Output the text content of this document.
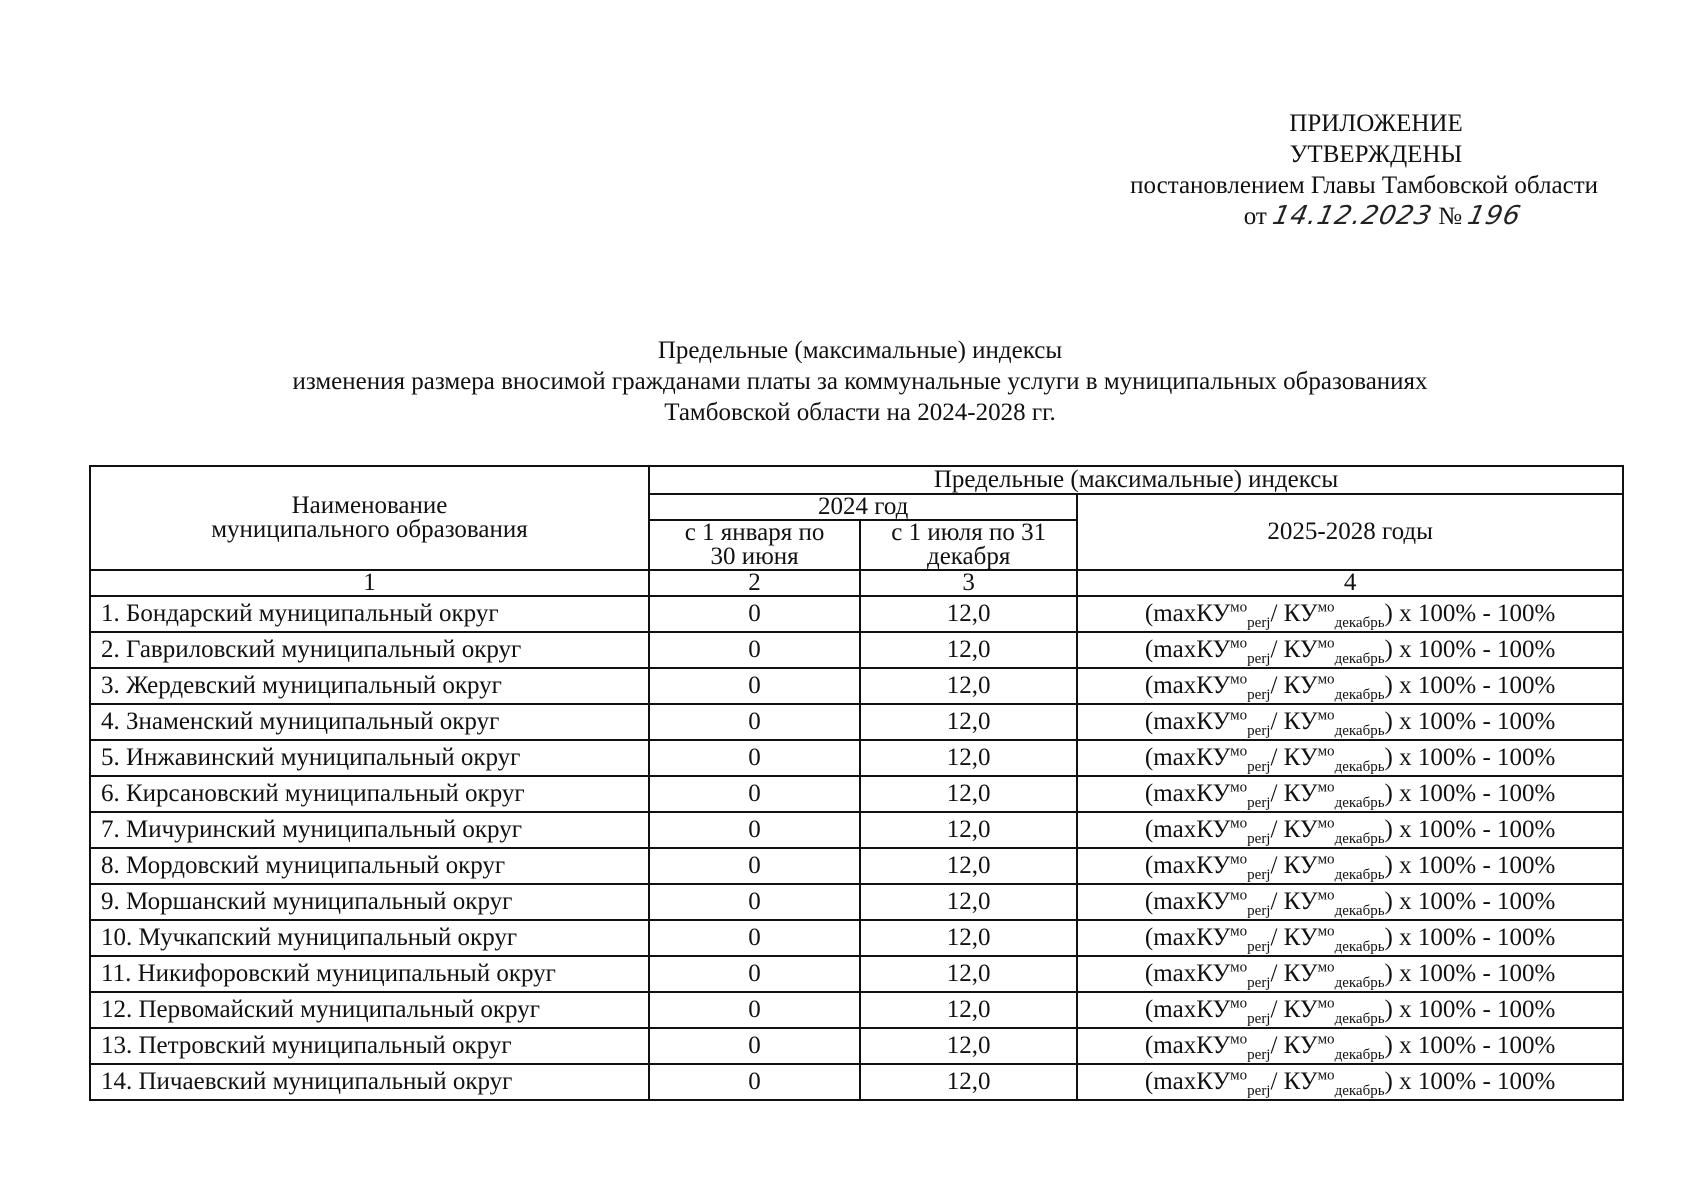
ПРИЛОЖЕНИЕ
УТВЕРЖДЕНЫ
постановлением Главы Тамбовской области
от 14.12.2023 № 196
Предельные (максимальные) индексы
изменения размера вносимой гражданами платы за коммунальные услуги в муниципальных образованиях
Тамбовской области на 2024-2028 гг.
Наименование муниципального образования	Предельные (максимальные) индексы		
	2024 год		2025-2028 годы

	с 1 января по 30 июня	с 1 июля по 31 декабря	

1	2	3	4
1. Бондарский муниципальный округ	0	12,0	(maxКУ$^{мо}_{perj}$/ $КУ^{мо}_{декабрь}$) х 100% - 100%
2. Гавриловский муниципальный округ	0	12,0	(maxКУ$^{мо}_{perj}$/ $КУ^{мо}_{декабрь}$) х 100% - 100%
3. Жердевский муниципальный округ	0	12,0	(maxКУ$^{мо}_{perj}$/ $КУ^{мо}_{декабрь}$) х 100% - 100%
4. Знаменский муниципальный округ	0	12,0	(maxКУ$^{мо}_{perj}$/ $КУ^{мо}_{декабрь}$) х 100% - 100%
5. Инжавинский муниципальный округ	0	12,0	(maxКУ$^{мо}_{perj}$/ $КУ^{мо}_{декабрь}$) х 100% - 100%
6. Кирсановский муниципальный округ	0	12,0	(maxКУ$^{мо}_{perj}$/ $КУ^{мо}_{декабрь}$) х 100% - 100%
7. Мичуринский муниципальный округ	0	12,0	(maxКУ$^{мо}_{perj}$/ $КУ^{мо}_{декабрь}$) х 100% - 100%
8. Мордовский муниципальный округ	0	12,0	(maxКУ$^{мо}_{perj}$/ $КУ^{мо}_{декабрь}$) х 100% - 100%
9. Моршанский муниципальный округ	0	12,0	(maxКУ$^{мо}_{perj}$/ $КУ^{мо}_{декабрь}$) х 100% - 100%
10. Мучкапский муниципальный округ	0	12,0	(maxКУ$^{мо}_{perj}$/ $КУ^{мо}_{декабрь}$) х 100% - 100%
11. Никифоровский муниципальный округ	0	12,0	(maxКУ$^{мо}_{perj}$/ $КУ^{мо}_{декабрь}$) х 100% - 100%
12. Первомайский муниципальный округ	0	12,0	(maxКУ$^{мо}_{perj}$/ $КУ^{мо}_{декабрь}$) х 100% - 100%
13. Петровский муниципальный округ	0	12,0	(maxКУ$^{мо}_{perj}$/ $КУ^{мо}_{декабрь}$) х 100% - 100%
14. Пичаевский муниципальный округ	0	12,0	(maxКУ$^{мо}_{perj}$/ $КУ^{мо}_{декабрь}$) х 100% - 100%
